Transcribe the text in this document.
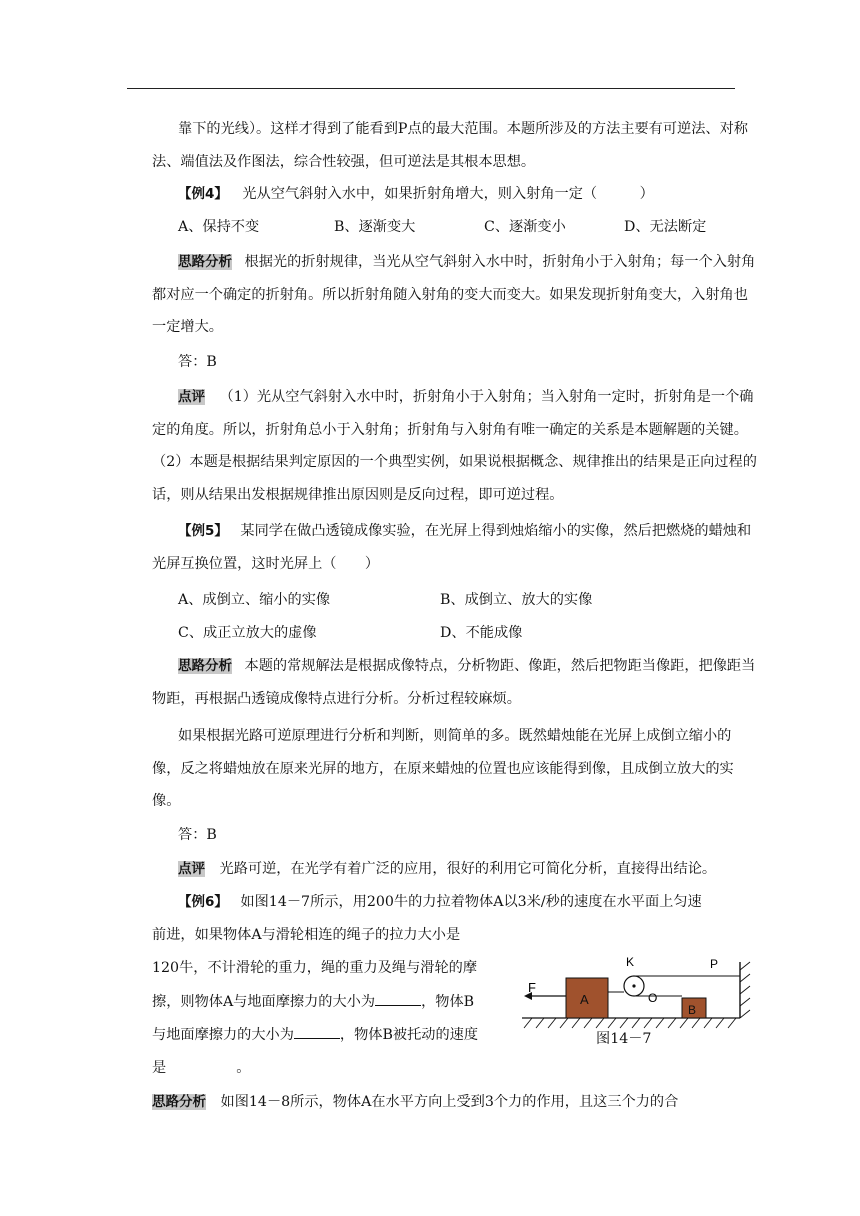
靠下的光线）。这样才得到了能看到P点的最大范围。本题所涉及的方法主要有可逆法、对称法、端值法及作图法，综合性较强，但可逆法是其根本思想。
【例4】 光从空气斜射入水中，如果折射角增大，则入射角一定（　　　）
A、保持不变	B、逐渐变大	C、逐渐变小	D、无法断定
思路分析 根据光的折射规律，当光从空气斜射入水中时，折射角小于入射角；每一个入射角都对应一个确定的折射角。所以折射角随入射角的变大而变大。如果发现折射角变大，入射角也一定增大。
答：B
点评 （1）光从空气斜射入水中时，折射角小于入射角；当入射角一定时，折射角是一个确定的角度。所以，折射角总小于入射角；折射角与入射角有唯一确定的关系是本题解题的关键。（2）本题是根据结果判定原因的一个典型实例，如果说根据概念、规律推出的结果是正向过程的话，则从结果出发根据规律推出原因则是反向过程，即可逆过程。
【例5】 某同学在做凸透镜成像实验，在光屏上得到烛焰缩小的实像，然后把燃烧的蜡烛和光屏互换位置，这时光屏上（　　）
A、成倒立、缩小的实像	B、成倒立、放大的实像
C、成正立放大的虚像	D、不能成像
思路分析 本题的常规解法是根据成像特点，分析物距、像距，然后把物距当像距，把像距当物距，再根据凸透镜成像特点进行分析。分析过程较麻烦。
如果根据光路可逆原理进行分析和判断，则简单的多。既然蜡烛能在光屏上成倒立缩小的像，反之将蜡烛放在原来光屏的地方，在原来蜡烛的位置也应该能得到像，且成倒立放大的实像。
答：B
点评 光路可逆，在光学有着广泛的应用，很好的利用它可简化分析，直接得出结论。
【例6】 如图14－7所示，用200牛的力拉着物体A以3米/秒的速度在水平面上匀速
前进，如果物体A与滑轮相连的绳子的拉力大小是
120牛，不计滑轮的重力，绳的重力及绳与滑轮的摩
擦，则物体A与地面摩擦力的大小为	，物体B
与地面摩擦力的大小为	，物体B被托动的速度
是	。
思路分析 如图14－8所示，物体A在水平方向上受到3个力的作用，且这三个力的合
F
A
K
O
B
P
图14－7
